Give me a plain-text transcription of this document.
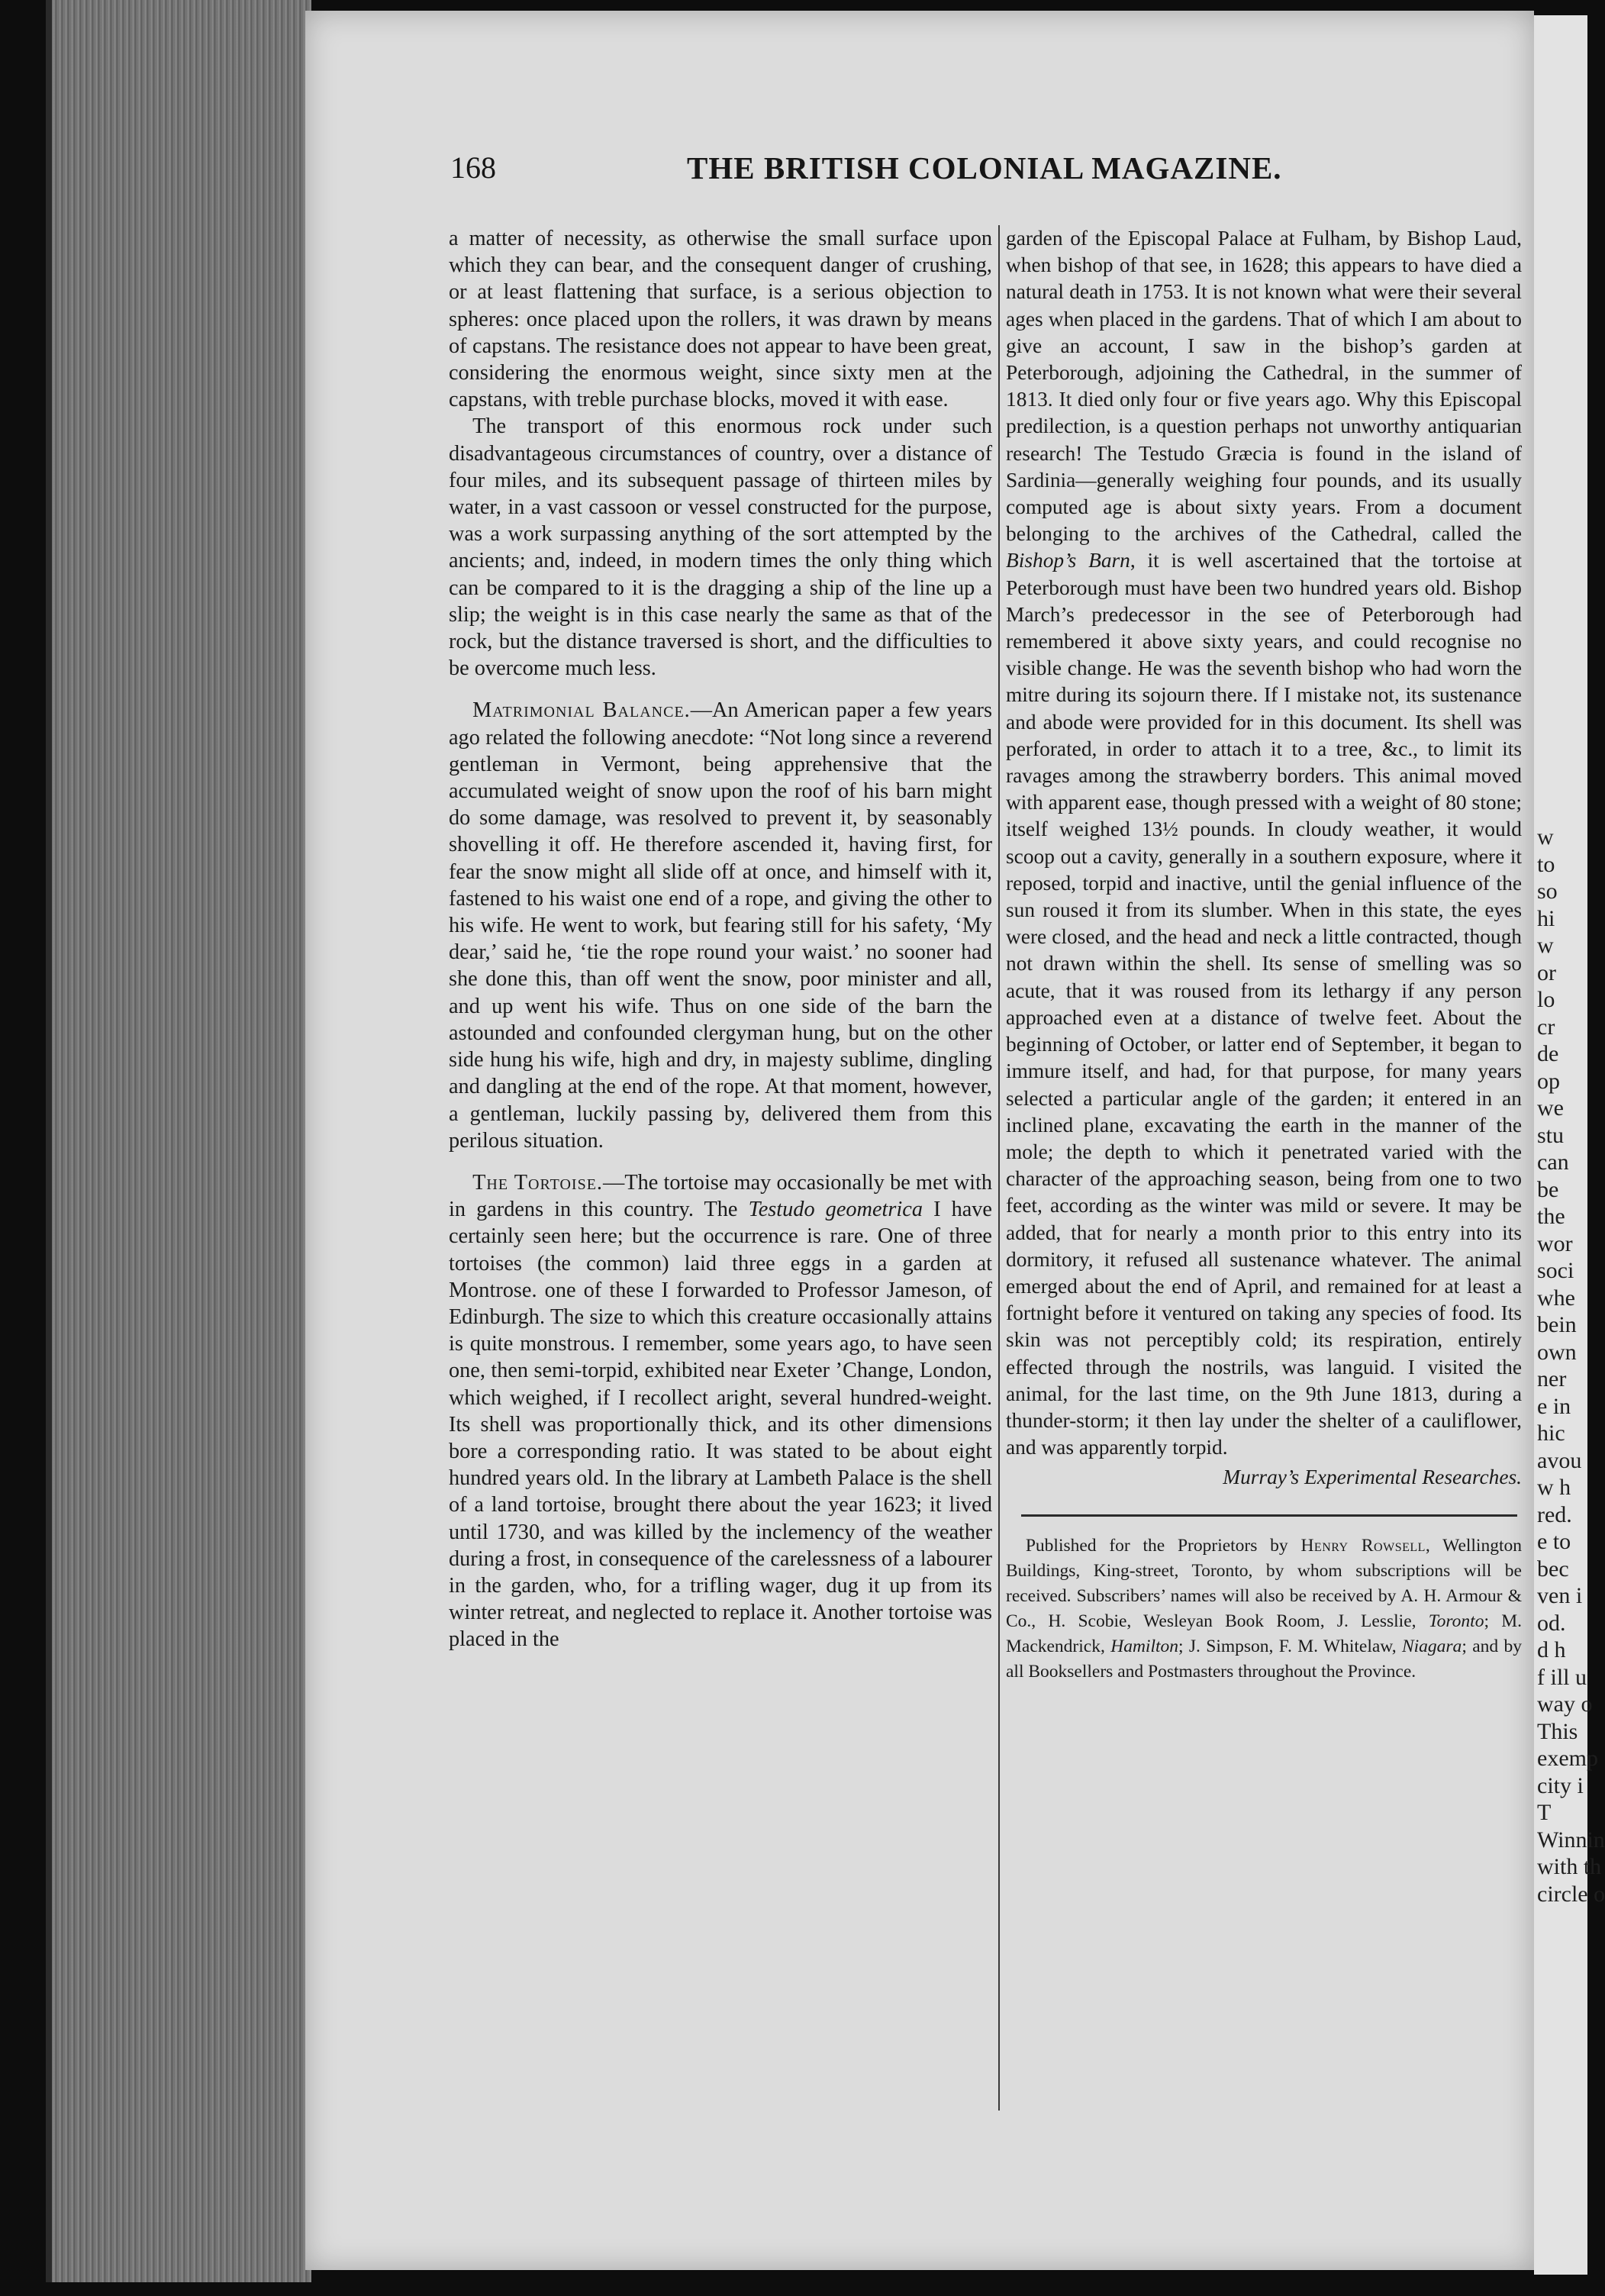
w
to
so
hi
w
or
lo
cr
de
op
we
stu
can
be
the
wor
soci
whe
bein
own
ner
e in
hic
avou
w h
red.
e to
bec
ven i
od.
d h
f ill u
way o
This
exemp
city i
T
Winnin
with th
circle o
168	THE BRITISH COLONIAL MAGAZINE.

a matter of necessity, as otherwise the small surface upon which they can bear, and the consequent danger of crushing, or at least flattening that surface, is a serious objection to spheres: once placed upon the rollers, it was drawn by means of capstans. The resistance does not appear to have been great, considering the enormous weight, since sixty men at the capstans, with treble purchase blocks, moved it with ease.

The transport of this enormous rock under such disadvantageous circumstances of country, over a distance of four miles, and its subsequent passage of thirteen miles by water, in a vast cassoon or vessel constructed for the purpose, was a work surpassing anything of the sort attempted by the ancients; and, indeed, in modern times the only thing which can be compared to it is the dragging a ship of the line up a slip; the weight is in this case nearly the same as that of the rock, but the distance traversed is short, and the difficulties to be overcome much less.

Matrimonial Balance.—An American paper a few years ago related the following anecdote: “Not long since a reverend gentleman in Vermont, being apprehensive that the accumulated weight of snow upon the roof of his barn might do some damage, was resolved to prevent it, by seasonably shovelling it off. He therefore ascended it, having first, for fear the snow might all slide off at once, and himself with it, fastened to his waist one end of a rope, and giving the other to his wife. He went to work, but fearing still for his safety, ‘My dear,’ said he, ‘tie the rope round your waist.’ no sooner had she done this, than off went the snow, poor minister and all, and up went his wife. Thus on one side of the barn the astounded and confounded clergyman hung, but on the other side hung his wife, high and dry, in majesty sublime, dingling and dangling at the end of the rope. At that moment, however, a gentleman, luckily passing by, delivered them from this perilous situation.

The Tortoise.—The tortoise may occasionally be met with in gardens in this country. The Testudo geometrica I have certainly seen here; but the occurrence is rare. One of three tortoises (the common) laid three eggs in a garden at Montrose. one of these I forwarded to Professor Jameson, of Edinburgh. The size to which this creature occasionally attains is quite monstrous. I remember, some years ago, to have seen one, then semi-torpid, exhibited near Exeter ’Change, London, which weighed, if I recollect aright, several hundred-weight. Its shell was proportionally thick, and its other dimensions bore a corresponding ratio. It was stated to be about eight hundred years old. In the library at Lambeth Palace is the shell of a land tortoise, brought there about the year 1623; it lived until 1730, and was killed by the inclemency of the weather during a frost, in consequence of the carelessness of a labourer in the garden, who, for a trifling wager, dug it up from its winter retreat, and neglected to replace it. Another tortoise was placed in the

garden of the Episcopal Palace at Fulham, by Bishop Laud, when bishop of that see, in 1628; this appears to have died a natural death in 1753. It is not known what were their several ages when placed in the gardens. That of which I am about to give an account, I saw in the bishop’s garden at Peterborough, adjoining the Cathedral, in the summer of 1813. It died only four or five years ago. Why this Episcopal predilection, is a question perhaps not unworthy antiquarian research! The Testudo Græcia is found in the island of Sardinia—generally weighing four pounds, and its usually computed age is about sixty years. From a document belonging to the archives of the Cathedral, called the Bishop’s Barn, it is well ascertained that the tortoise at Peterborough must have been two hundred years old. Bishop March’s predecessor in the see of Peterborough had remembered it above sixty years, and could recognise no visible change. He was the seventh bishop who had worn the mitre during its sojourn there. If I mistake not, its sustenance and abode were provided for in this document. Its shell was perforated, in order to attach it to a tree, &c., to limit its ravages among the strawberry borders. This animal moved with apparent ease, though pressed with a weight of 80 stone; itself weighed 13½ pounds. In cloudy weather, it would scoop out a cavity, generally in a southern exposure, where it reposed, torpid and inactive, until the genial influence of the sun roused it from its slumber. When in this state, the eyes were closed, and the head and neck a little contracted, though not drawn within the shell. Its sense of smelling was so acute, that it was roused from its lethargy if any person approached even at a distance of twelve feet. About the beginning of October, or latter end of September, it began to immure itself, and had, for that purpose, for many years selected a particular angle of the garden; it entered in an inclined plane, excavating the earth in the manner of the mole; the depth to which it penetrated varied with the character of the approaching season, being from one to two feet, according as the winter was mild or severe. It may be added, that for nearly a month prior to this entry into its dormitory, it refused all sustenance whatever. The animal emerged about the end of April, and remained for at least a fortnight before it ventured on taking any species of food. Its skin was not perceptibly cold; its respiration, entirely effected through the nostrils, was languid. I visited the animal, for the last time, on the 9th June 1813, during a thunder-storm; it then lay under the shelter of a cauliflower, and was apparently torpid.

Murray’s Experimental Researches.

Published for the Proprietors by Henry Rowsell, Wellington Buildings, King-street, Toronto, by whom subscriptions will be received. Subscribers’ names will also be received by A. H. Armour & Co., H. Scobie, Wesleyan Book Room, J. Lesslie, Toronto; M. Mackendrick, Hamilton; J. Simpson, F. M. Whitelaw, Niagara; and by all Booksellers and Postmasters throughout the Province.
